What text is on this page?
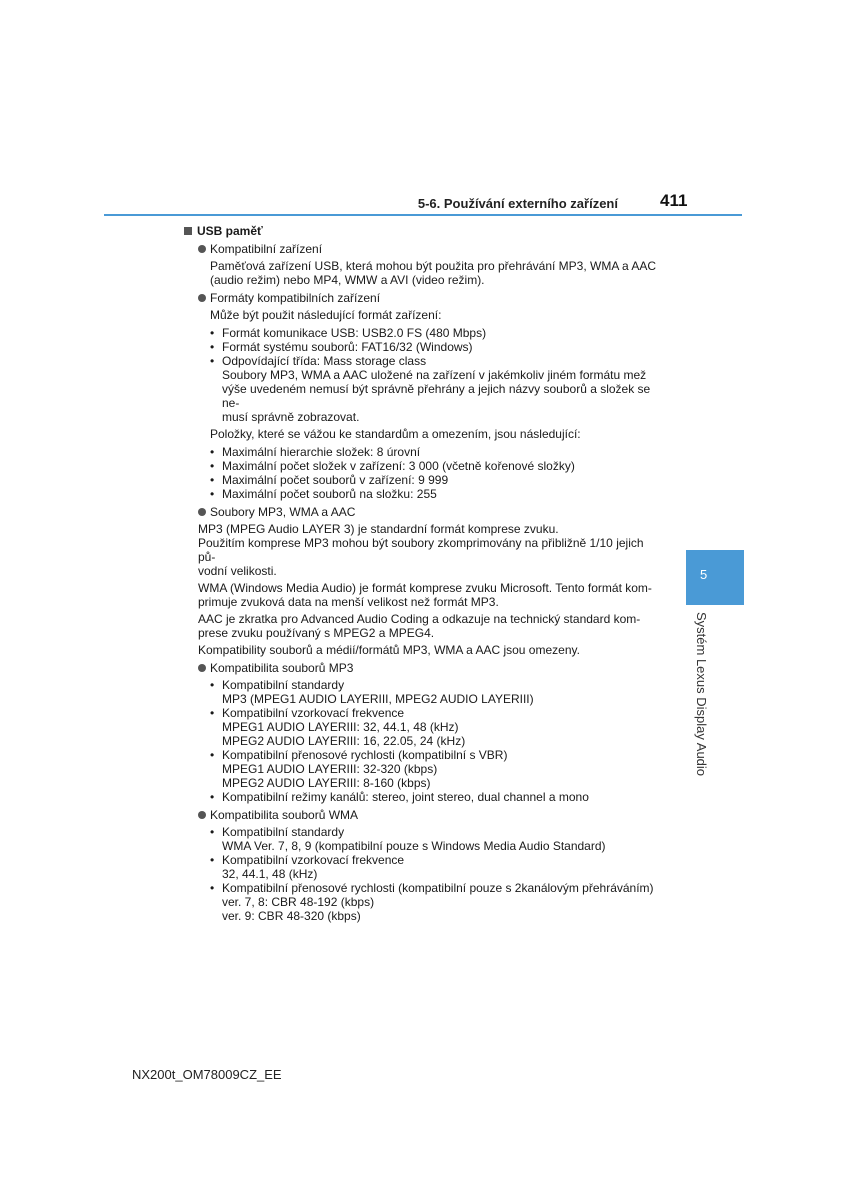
5-6. Používání externího zařízení 411
5
Systém Lexus Display Audio
USB paměť
Kompatibilní zařízení
Paměťová zařízení USB, která mohou být použita pro přehrávání MP3, WMA a AAC
(audio režim) nebo MP4, WMW a AVI (video režim).
Formáty kompatibilních zařízení
Může být použit následující formát zařízení:
• Formát komunikace USB: USB2.0 FS (480 Mbps)
• Formát systému souborů: FAT16/32 (Windows)
• Odpovídající třída: Mass storage class
Soubory MP3, WMA a AAC uložené na zařízení v jakémkoliv jiném formátu mež
výše uvedeném nemusí být správně přehrány a jejich názvy souborů a složek se ne-
musí správně zobrazovat.
Položky, které se vážou ke standardům a omezením, jsou následující:
• Maximální hierarchie složek: 8 úrovní
• Maximální počet složek v zařízení: 3 000 (včetně kořenové složky)
• Maximální počet souborů v zařízení: 9 999
• Maximální počet souborů na složku: 255
Soubory MP3, WMA a AAC
MP3 (MPEG Audio LAYER 3) je standardní formát komprese zvuku.
Použitím komprese MP3 mohou být soubory zkomprimovány na přibližně 1/10 jejich pů-
vodní velikosti.
WMA (Windows Media Audio) je formát komprese zvuku Microsoft. Tento formát kom-
primuje zvuková data na menší velikost než formát MP3.
AAC je zkratka pro Advanced Audio Coding a odkazuje na technický standard kom-
prese zvuku používaný s MPEG2 a MPEG4.
Kompatibility souborů a médií/formátů MP3, WMA a AAC jsou omezeny.
Kompatibilita souborů MP3
• Kompatibilní standardy
MP3 (MPEG1 AUDIO LAYERIII, MPEG2 AUDIO LAYERIII)
• Kompatibilní vzorkovací frekvence
MPEG1 AUDIO LAYERIII: 32, 44.1, 48 (kHz)
MPEG2 AUDIO LAYERIII: 16, 22.05, 24 (kHz)
• Kompatibilní přenosové rychlosti (kompatibilní s VBR)
MPEG1 AUDIO LAYERIII: 32-320 (kbps)
MPEG2 AUDIO LAYERIII: 8-160 (kbps)
• Kompatibilní režimy kanálů: stereo, joint stereo, dual channel a mono
Kompatibilita souborů WMA
• Kompatibilní standardy
WMA Ver. 7, 8, 9 (kompatibilní pouze s Windows Media Audio Standard)
• Kompatibilní vzorkovací frekvence
32, 44.1, 48 (kHz)
• Kompatibilní přenosové rychlosti (kompatibilní pouze s 2kanálovým přehráváním)
ver. 7, 8: CBR 48-192 (kbps)
ver. 9: CBR 48-320 (kbps)
NX200t_OM78009CZ_EE
